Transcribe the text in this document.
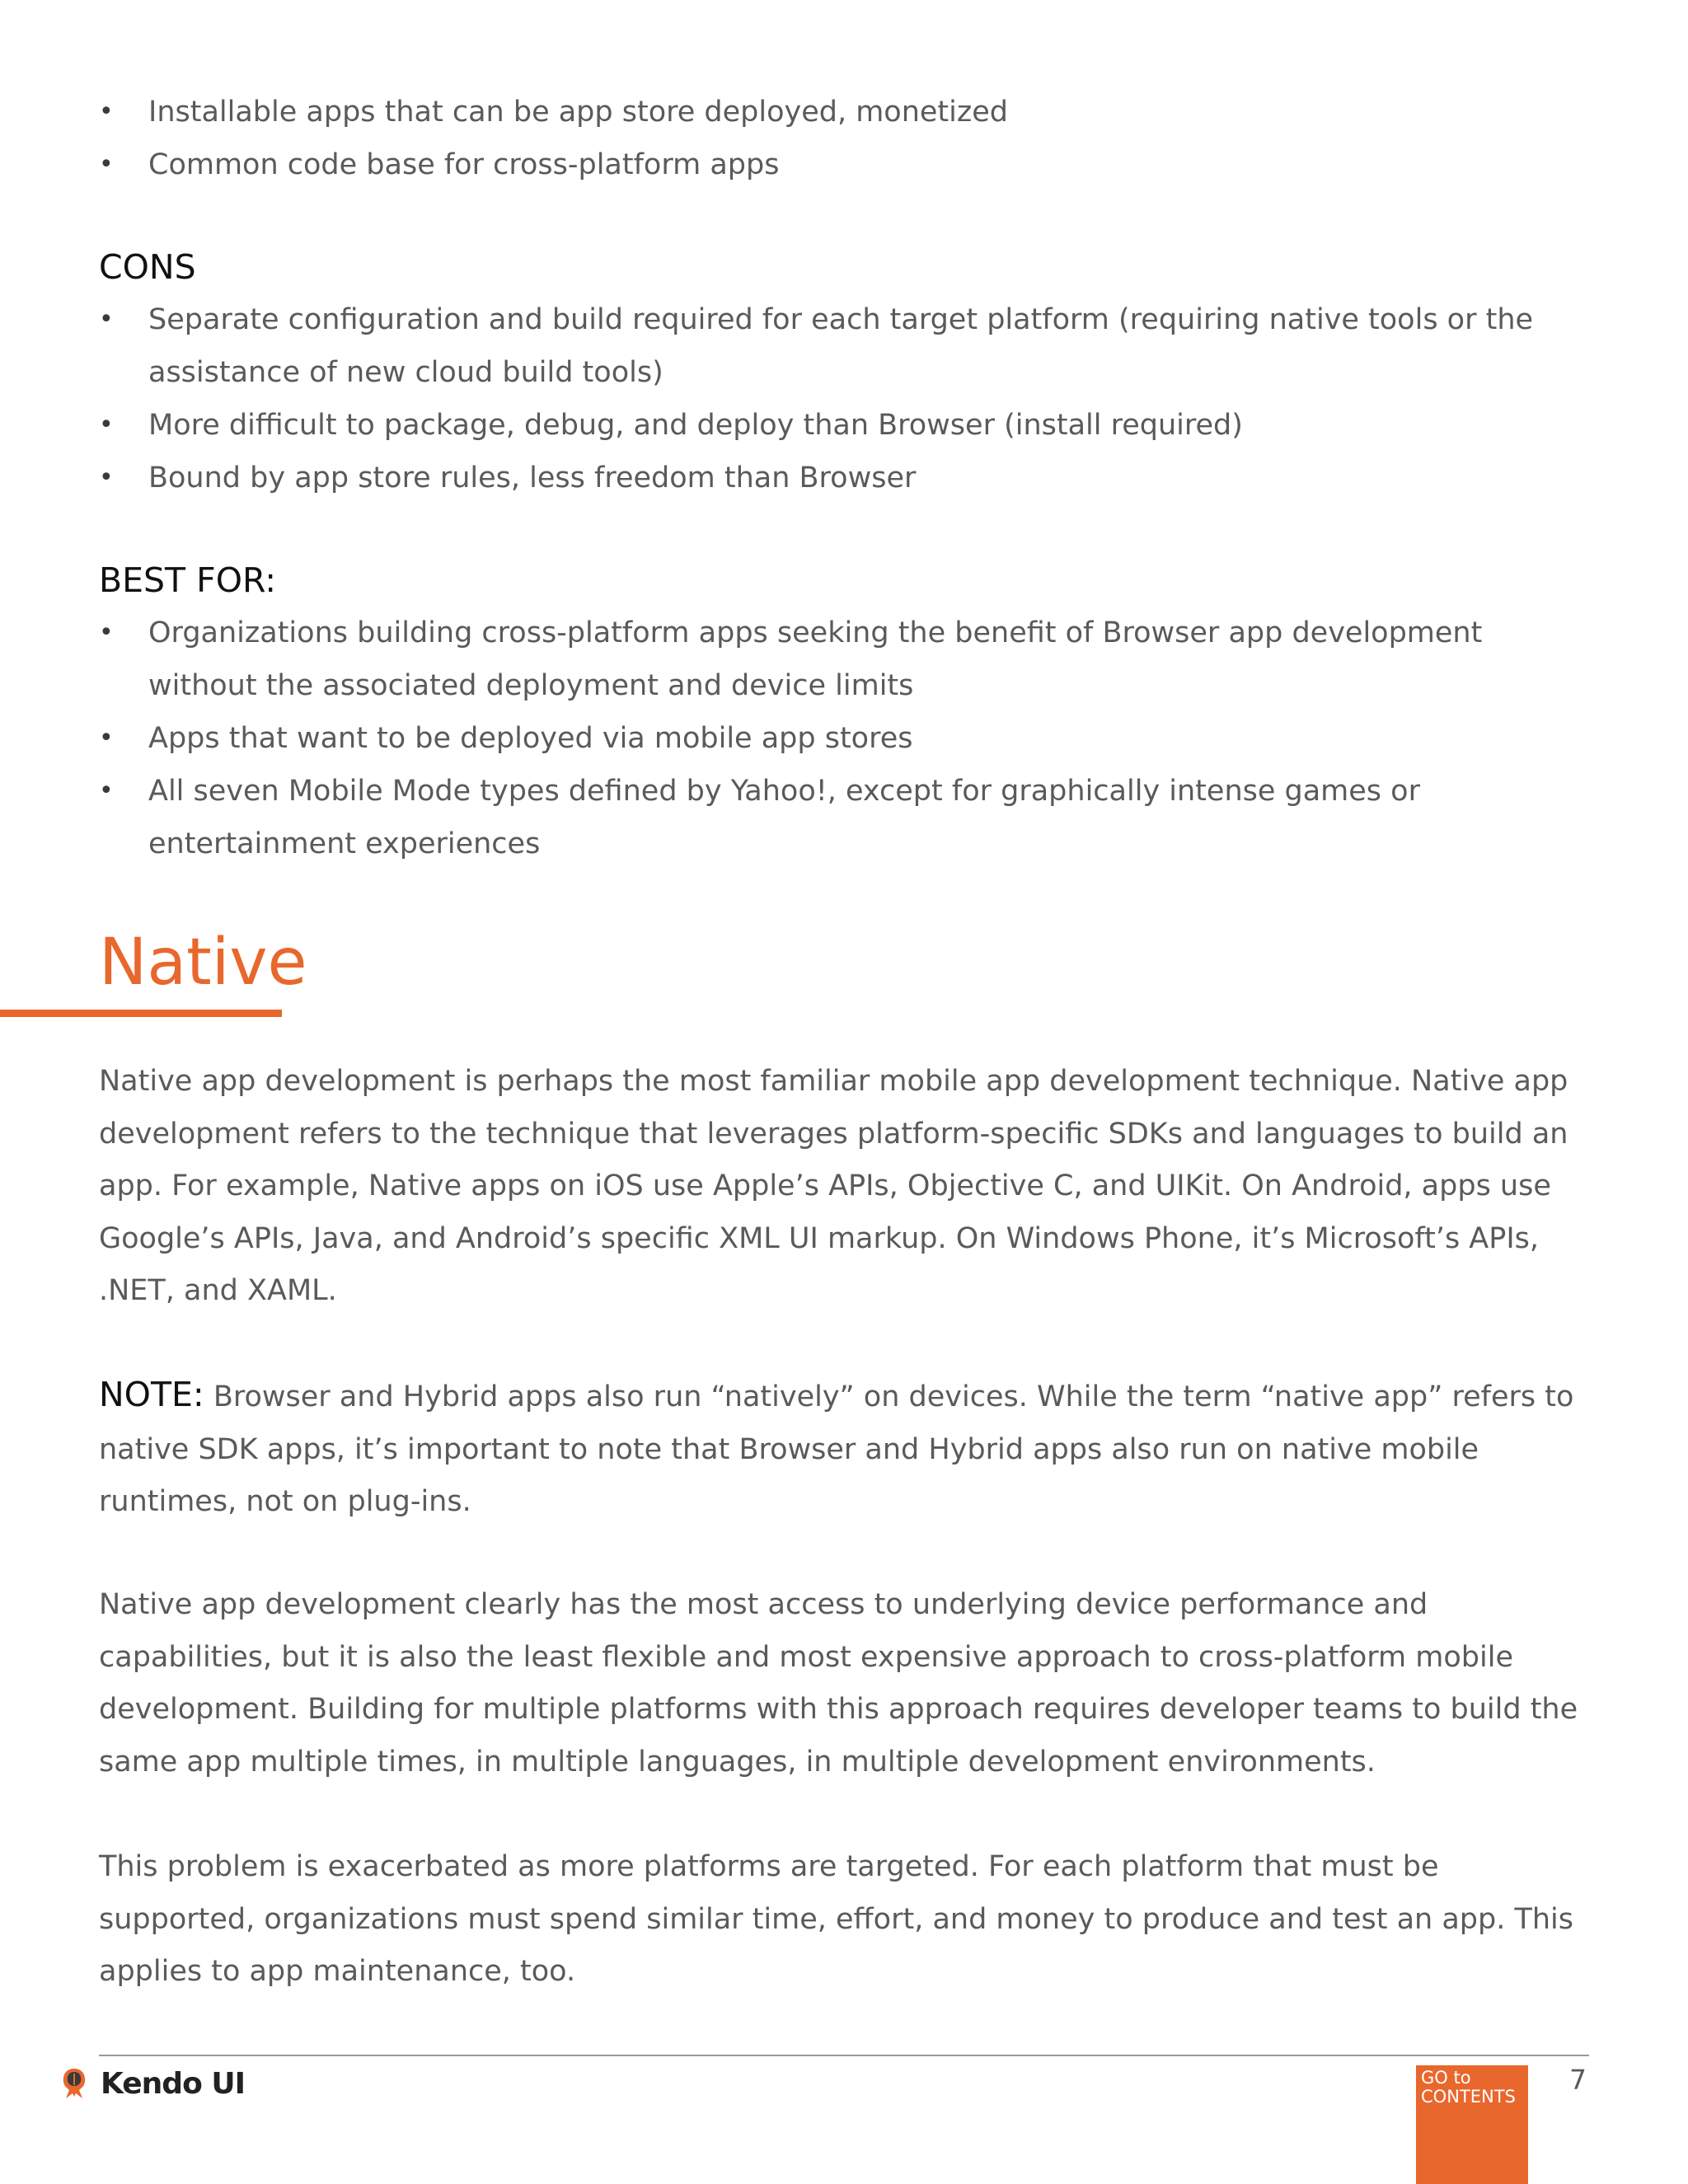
• Installable apps that can be app store deployed, monetized
• Common code base for cross-platform apps
CONS
• Separate configuration and build required for each target platform (requiring native tools or the assistance of new cloud build tools)
• More difficult to package, debug, and deploy than Browser (install required)
• Bound by app store rules, less freedom than Browser
BEST FOR:
• Organizations building cross-platform apps seeking the benefit of Browser app development without the associated deployment and device limits
• Apps that want to be deployed via mobile app stores
• All seven Mobile Mode types defined by Yahoo!, except for graphically intense games or entertainment experiences
Native

Native app development is perhaps the most familiar mobile app development technique. Native app development refers to the technique that leverages platform-specific SDKs and languages to build an app. For example, Native apps on iOS use Apple’s APIs, Objective C, and UIKit. On Android, apps use Google’s APIs, Java, and Android’s specific XML UI markup. On Windows Phone, it’s Microsoft’s APIs, .NET, and XAML.

NOTE: Browser and Hybrid apps also run “natively” on devices. While the term “native app” refers to native SDK apps, it’s important to note that Browser and Hybrid apps also run on native mobile runtimes, not on plug-ins.

Native app development clearly has the most access to underlying device performance and capabilities, but it is also the least flexible and most expensive approach to cross-platform mobile development. Building for multiple platforms with this approach requires developer teams to build the same app multiple times, in multiple languages, in multiple development environments.

This problem is exacerbated as more platforms are targeted. For each platform that must be supported, organizations must spend similar time, effort, and money to produce and test an app. This applies to app maintenance, too.

Kendo UI	GO to
CONTENTS
7
